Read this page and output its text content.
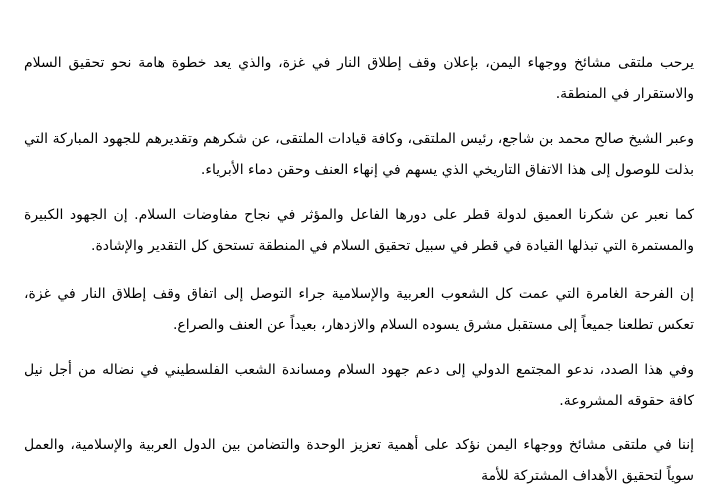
يرحب ملتقى مشائخ ووجهاء اليمن، بإعلان وقف إطلاق النار في غزة، والذي يعد خطوة هامة نحو تحقيق السلام والاستقرار في المنطقة.

وعبر الشيخ صالح محمد بن شاجع، رئيس الملتقى، وكافة قيادات الملتقى، عن شكرهم وتقديرهم للجهود المباركة التي بذلت للوصول إلى هذا الاتفاق التاريخي الذي يسهم في إنهاء العنف وحقن دماء الأبرياء.

كما نعبر عن شكرنا العميق لدولة قطر على دورها الفاعل والمؤثر في نجاح مفاوضات السلام. إن الجهود الكبيرة والمستمرة التي تبذلها القيادة في قطر في سبيل تحقيق السلام في المنطقة تستحق كل التقدير والإشادة.

إن الفرحة الغامرة التي عمت كل الشعوب العربية والإسلامية جراء التوصل إلى اتفاق وقف إطلاق النار في غزة، تعكس تطلعنا جميعاً إلى مستقبل مشرق يسوده السلام والازدهار، بعيداً عن العنف والصراع.

وفي هذا الصدد، ندعو المجتمع الدولي إلى دعم جهود السلام ومساندة الشعب الفلسطيني في نضاله من أجل نيل كافة حقوقه المشروعة.

إننا في ملتقى مشائخ ووجهاء اليمن نؤكد على أهمية تعزيز الوحدة والتضامن بين الدول العربية والإسلامية، والعمل سوياً لتحقيق الأهداف المشتركة للأمة
